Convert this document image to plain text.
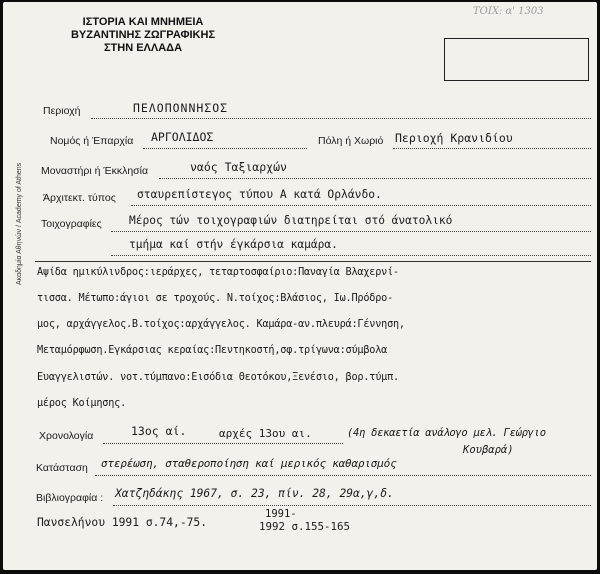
ΤΟΙΧ: α' 1303
ΙΣΤΟΡΙΑ ΚΑΙ ΜΝΗΜΕΙΑ
ΒΥΖΑΝΤΙΝΗΣ ΖΩΓΡΑΦΙΚΗΣ
ΣΤΗΝ ΕΛΛΑΔΑ
Ακαδημία Αθηνών / Academy of Athens
Περιοχή	ΠΕΛΟΠΟΝΝΗΣΟΣ
Νομός ή Έπαρχία ΑΡΓΟΛΙΔΟΣ	Πόλη ή Χωριό Περιοχή Κρανιδίου
Μοναστήρι ή Έκκλησία	ναός Ταξιαρχών
Άρχιτεκτ. τύπος σταυρεπίστεγος τύπου Α κατά Ορλάνδο.
Τοιχογραφίες Μέρος τών τοιχογραφιών διατηρείται στό άνατολικό
τμήμα καί στήν έγκάρσια καμάρα.
Αψίδα ημικύλινδρος:ιεράρχες, τεταρτοσφαίριο:Παναγία Βλαχερνί-
τισσα. Μέτωπο:άγιοι σε τροχούς. Ν.τοίχος:Βλάσιος, Ιω.Πρόδρο-
μος, αρχάγγελος.Β.τοίχος:αρχάγγελος. Καμάρα-αν.πλευρά:Γέννηση,
Μεταμόρφωση.Εγκάρσιας κεραίας:Πεντηκοστή,σφ.τρίγωνα:σύμβολα
Ευαγγελιστών. νοτ.τύμπανο:Εισόδια Θεοτόκου,Ξενέσιο, βορ.τύμπ.
μέρος Κοίμησης.
Χρονολογία	13ος αί.	αρχές 13ου αι.	(4η δεκαετία ανάλογο μελ. Γεώργιο
Κουβαρά)
Κατάσταση στερέωση, σταθεροποίηση καί μερικός καθαρισμός
Βιβλιογραφία : Χατζηδάκης 1967, σ. 23, πίν. 28, 29α,γ,δ.
Πανσελήνου 1991 σ.74,-75.
1991-
1992 σ.155-165
